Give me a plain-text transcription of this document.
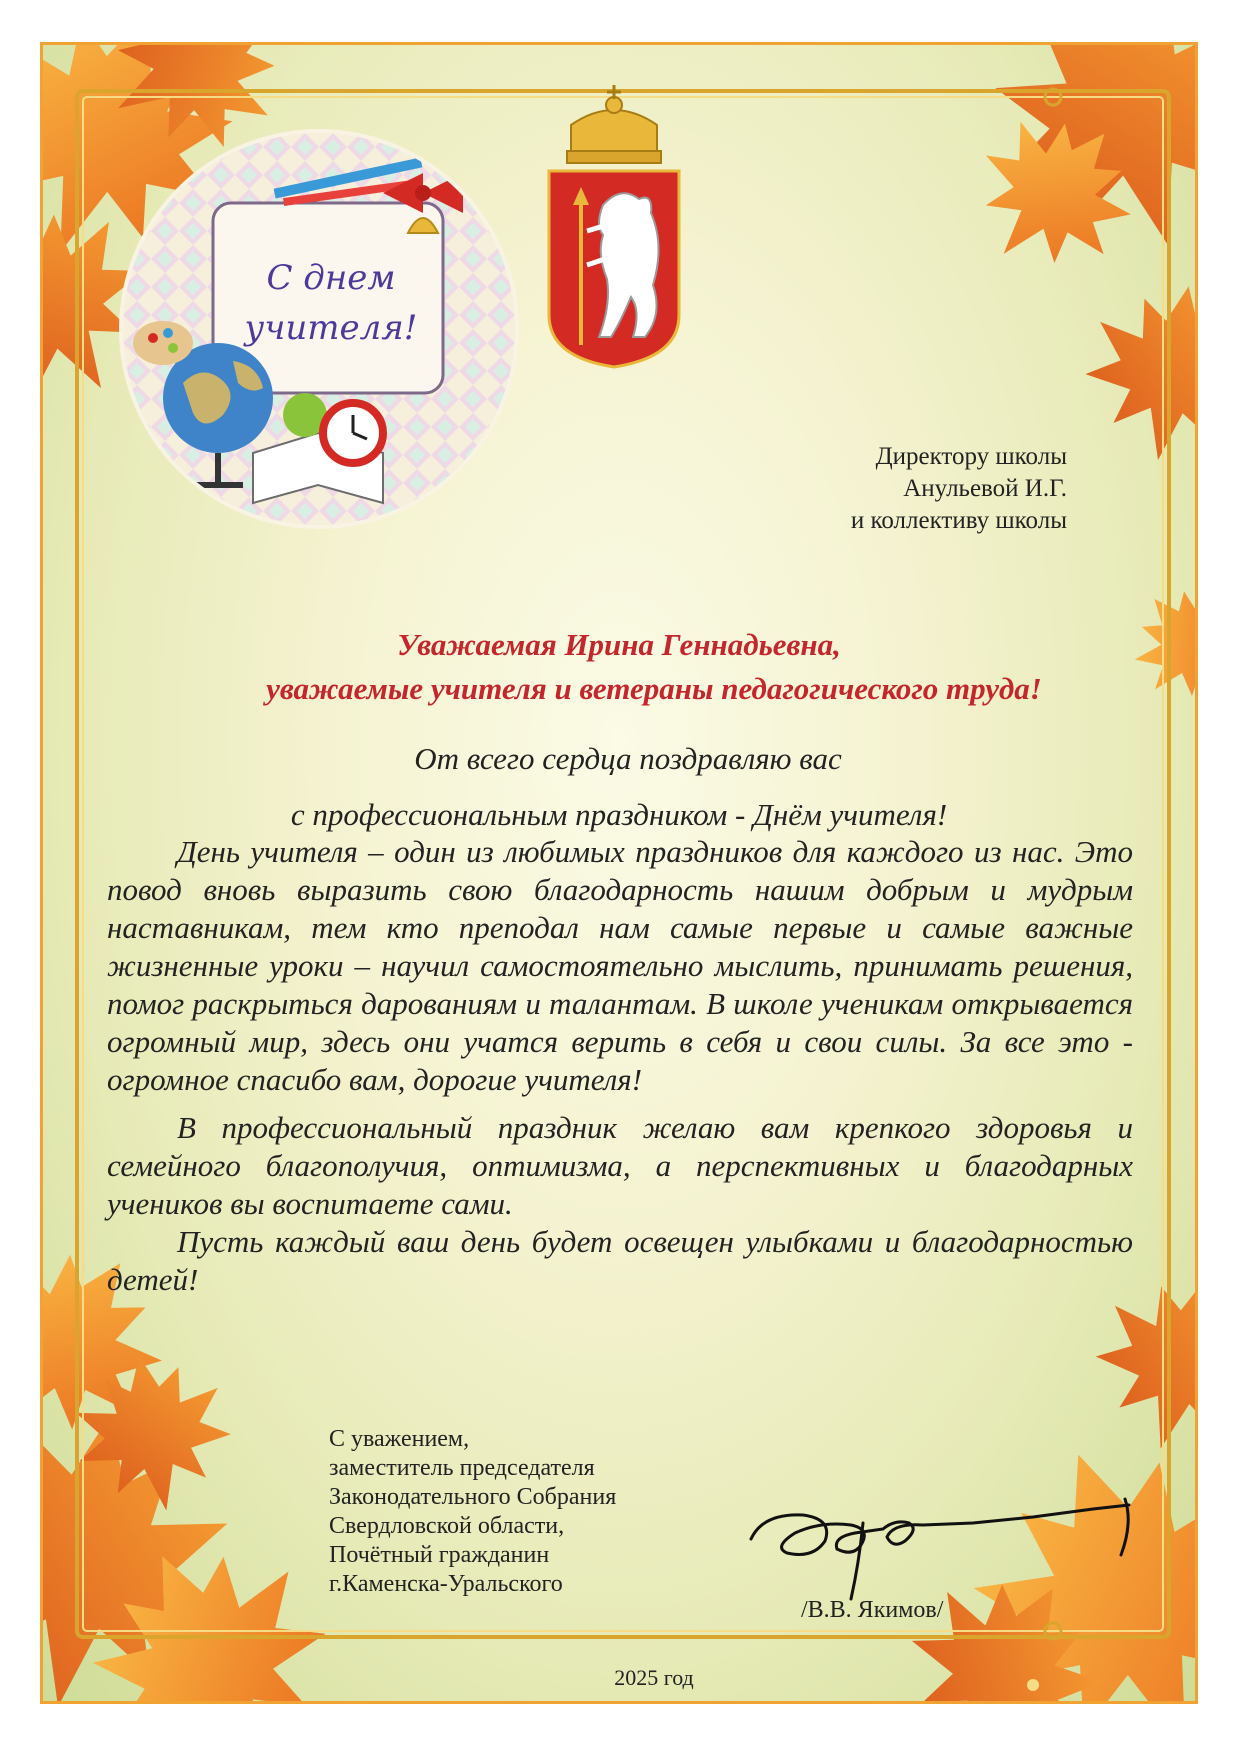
С днем
учителя!
Директору школы
Анульевой И.Г.
и коллективу школы
Уважаемая Ирина Геннадьевна,
уважаемые учителя и ветераны педагогического труда!
От всего сердца поздравляю вас
с профессиональным праздником - Днём учителя!

День учителя – один из любимых праздников для каждого из нас. Это повод вновь выразить свою благодарность нашим добрым и мудрым наставникам, тем кто преподал нам самые первые и самые важные жизненные уроки – научил самостоятельно мыслить, принимать решения, помог раскрыться дарованиям и талантам. В школе ученикам открывается огромный мир, здесь они учатся верить в себя и свои силы. За все это - огромное спасибо вам, дорогие учителя!

В профессиональный праздник желаю вам крепкого здоровья и семейного благополучия, оптимизма, а перспективных и благодарных учеников вы воспитаете сами.

Пусть каждый ваш день будет освещен улыбками и благодарностью детей!

С уважением,
заместитель председателя
Законодательного Собрания
Свердловской области,
Почётный гражданин
г.Каменска-Уральского
/В.В. Якимов/
2025 год
